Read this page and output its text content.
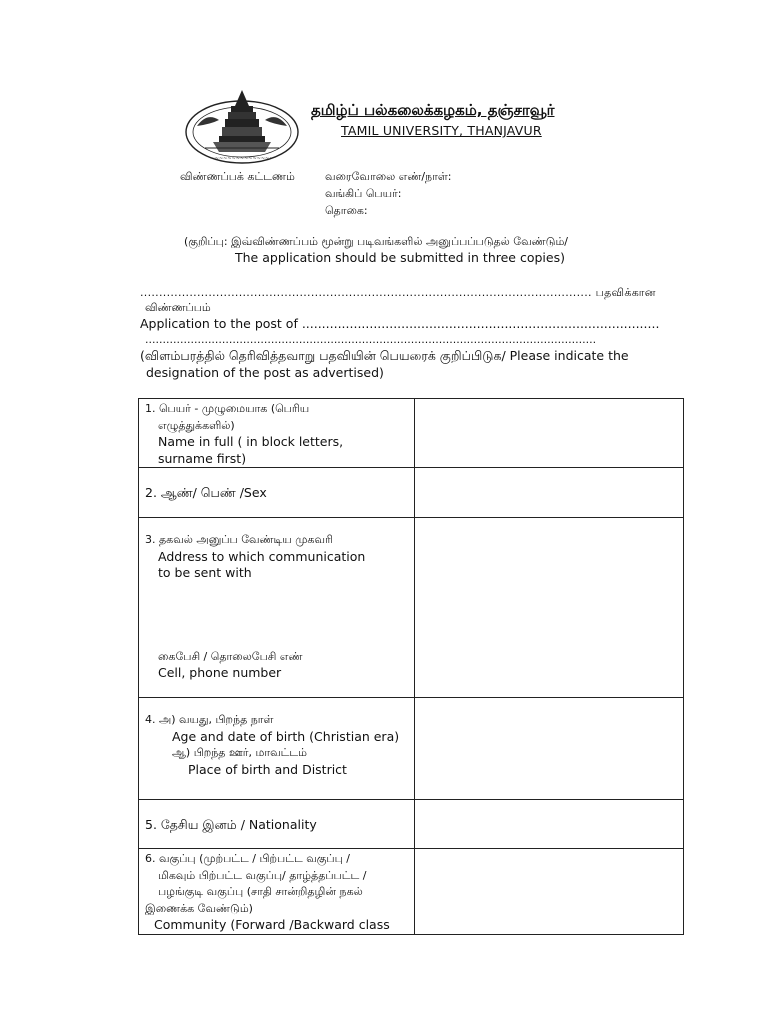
~~~~~~~~~~~~~~~
தமிழ்ப் பல்கலைக்கழகம், தஞ்சாவூர்
TAMIL UNIVERSITY, THANJAVUR
விண்ணப்பக் கட்டணம்	வரைவோலை எண்/நாள்:
வங்கிப் பெயர்:
தொகை:
(குறிப்பு: இவ்விண்ணப்பம் மூன்று படிவங்களில் அனுப்பப்படுதல் வேண்டும்/
The application should be submitted in three copies)
....................................................................................................................... பதவிக்கான
விண்ணப்பம்
Application to the post of ..........................................................................................
.................................................................................................................................
(விளம்பரத்தில் தெரிவித்தவாறு பதவியின் பெயரைக் குறிப்பிடுக/ Please indicate the
designation of the post as advertised)
1. பெயர் - முழுமையாக (பெரிய
எழுத்துக்களில்)
Name in full ( in block letters,
surname first)	

2. ஆண்/ பெண் /Sex	

3. தகவல் அனுப்ப வேண்டிய முகவரி
Address to which communication
to be sent with
கைபேசி / தொலைபேசி எண்
Cell, phone number	

4. அ) வயது, பிறந்த நாள்
Age and date of birth (Christian era)
ஆ) பிறந்த ஊர், மாவட்டம்
Place of birth and District	

5. தேசிய இனம் / Nationality	

6. வகுப்பு (முற்பட்ட / பிற்பட்ட வகுப்பு /
மிகவும் பிற்பட்ட வகுப்பு/ தாழ்த்தப்பட்ட /
பழங்குடி வகுப்பு (சாதி சான்றிதழின் நகல்
இணைக்க வேண்டும்)
Community (Forward /Backward class	
